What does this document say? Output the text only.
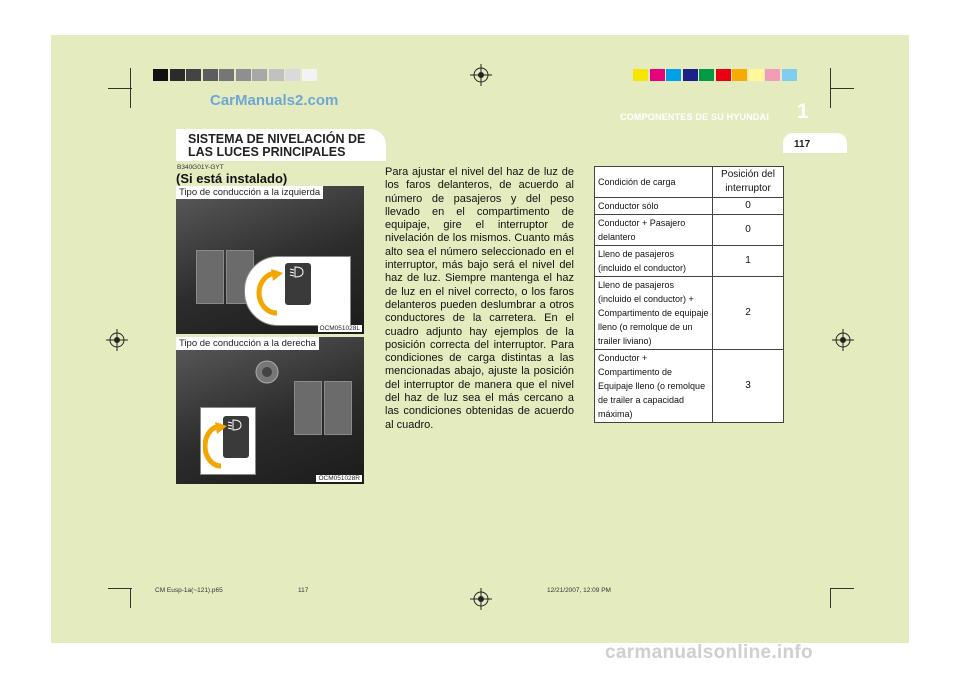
CarManuals2.com
COMPONENTES DE SU HYUNDAI 1
117
SISTEMA DE NIVELACIÓN DE
LAS LUCES PRINCIPALES
B340G01Y-GYT
(Si está instalado)
Tipo de conducción a la izquierda
OCM051028L
Tipo de conducción a la derecha
OCM051028R
Para ajustar el nivel del haz de luz de los faros delanteros, de acuerdo al número de pasajeros y del peso llevado en el compartimento de equipaje, gire el interruptor de nivelación de los mismos. Cuanto más alto sea el número seleccionado en el interruptor, más bajo será el nivel del haz de luz. Siempre mantenga el haz de luz en el nivel correcto, o los faros delanteros pueden deslumbrar a otros conductores de la carretera. En el cuadro adjunto hay ejemplos de la posición correcta del interruptor. Para condiciones de carga distintas a las mencionadas abajo, ajuste la posición del interruptor de manera que el nivel del haz de luz sea el más cercano a las condiciones obtenidas de acuerdo al cuadro.
Condición de carga	Posición del interruptor
Conductor sólo	0
Conductor + Pasajero delantero	0
Lleno de pasajeros (incluido el conductor)	1
Lleno de pasajeros (incluido el conductor) + Compartimento de equipaje lleno (o remolque de un trailer liviano)	2
Conductor + Compartimento de Equipaje lleno (o remolque de trailer a capacidad máxima)	3
CM Eusp-1a(~121).p65	117	12/21/2007, 12:09 PM
carmanualsonline.info
